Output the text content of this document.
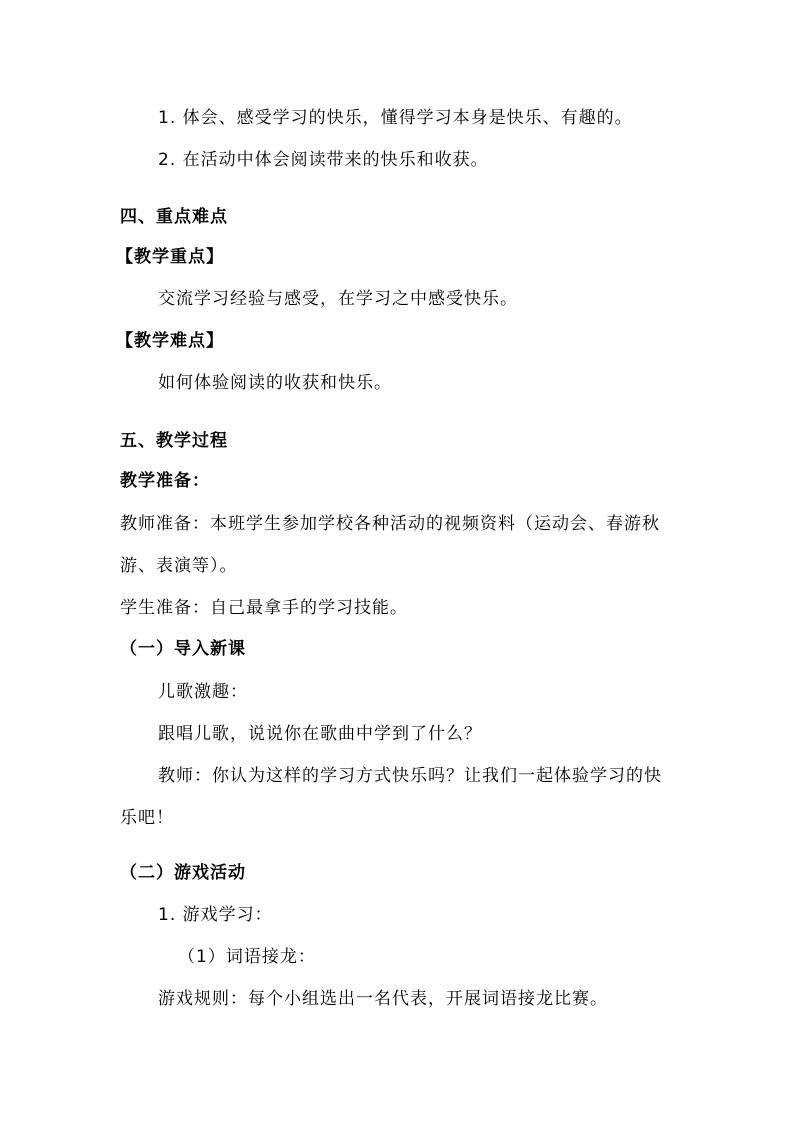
1. 体会、感受学习的快乐，懂得学习本身是快乐、有趣的。
2. 在活动中体会阅读带来的快乐和收获。
四、重点难点
【教学重点】
交流学习经验与感受，在学习之中感受快乐。
【教学难点】
如何体验阅读的收获和快乐。
五、教学过程
教学准备：
教师准备：本班学生参加学校各种活动的视频资料（运动会、春游秋
游、表演等）。
学生准备：自己最拿手的学习技能。
（一）导入新课
儿歌激趣：
跟唱儿歌，说说你在歌曲中学到了什么？
教师：你认为这样的学习方式快乐吗？让我们一起体验学习的快
乐吧！
（二）游戏活动
1. 游戏学习：
（1）词语接龙：
游戏规则：每个小组选出一名代表，开展词语接龙比赛。
